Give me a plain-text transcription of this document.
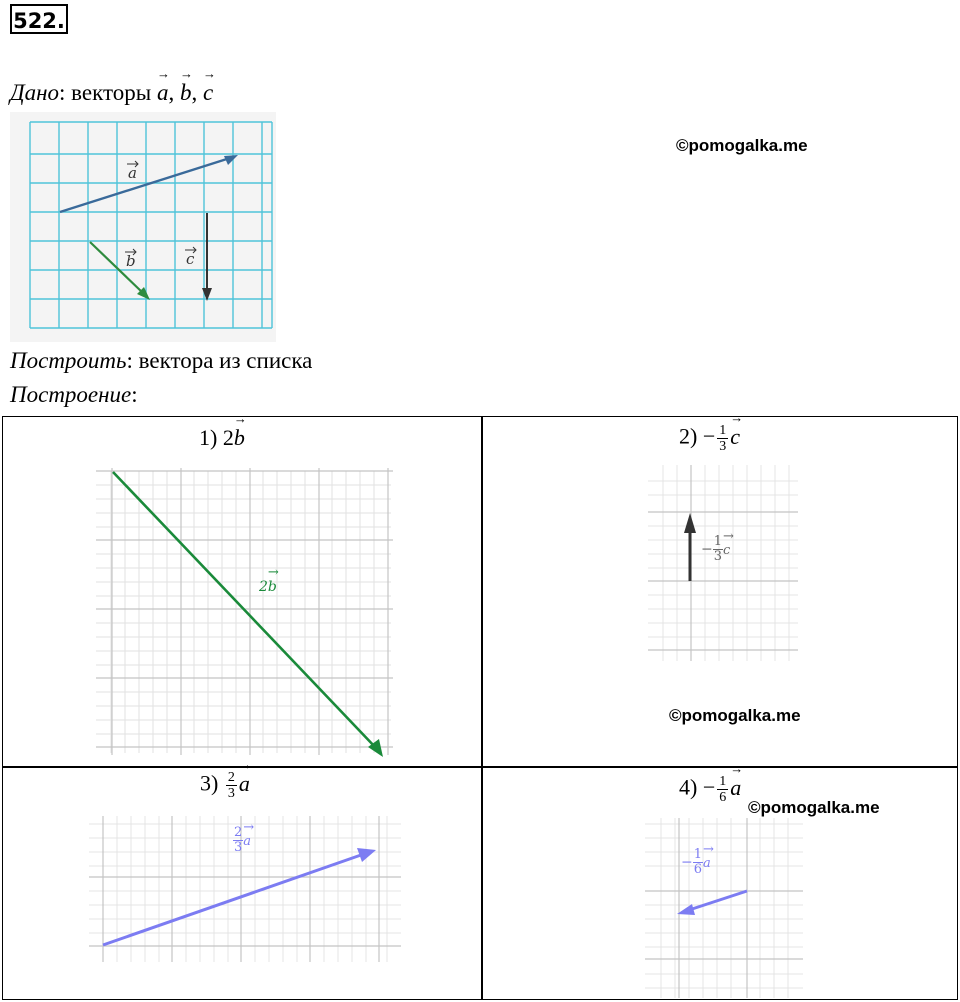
522.
Дано: векторы → a, → b, → c
©pomogalka.me
a
b	c
Построить: вектора из списка
Построение:
1) 2→ b
2→ b
$2) - \frac{1}{3}$
→ c
− $\frac{1}{3}$
→ c
©pomogalka.me
$3) \frac{2}{3}$
→ a
$\frac{2}{3}$
→ a
$4) - \frac{1}{6}$
→ a
©pomogalka.me
− $\frac{1}{6}$
→ a
